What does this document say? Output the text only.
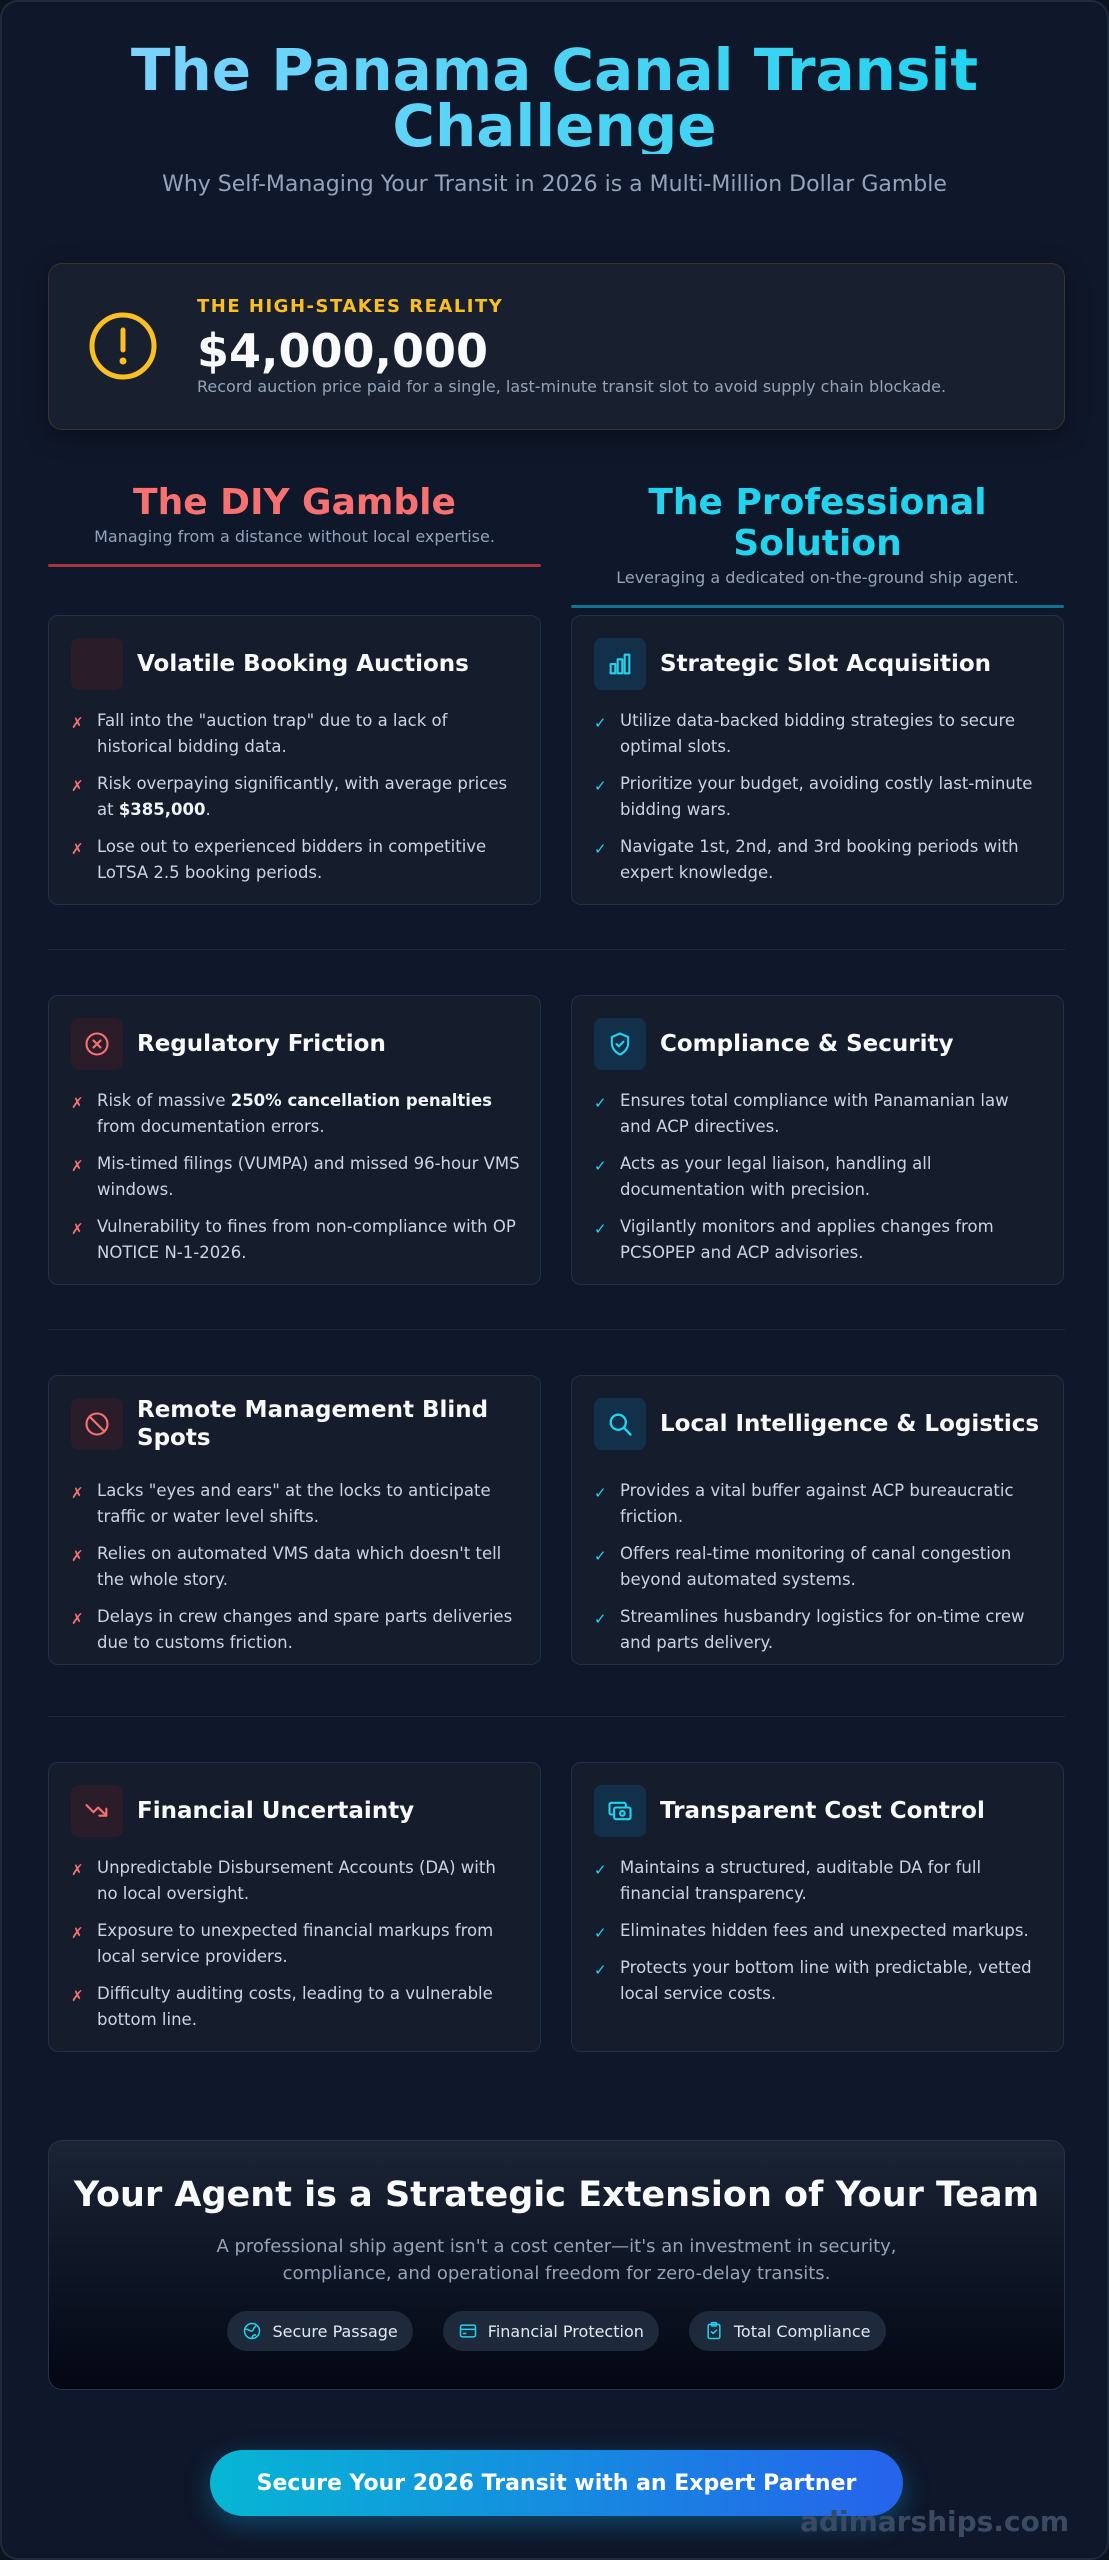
The Panama Canal Transit Challenge
Why Self-Managing Your Transit in 2026 is a Multi-Million Dollar Gamble
THE HIGH-STAKES REALITY
$4,000,000
Record auction price paid for a single, last-minute transit slot to avoid supply chain blockade.
The DIY Gamble
Managing from a distance without local expertise.
The Professional Solution
Leveraging a dedicated on-the-ground ship agent.
Volatile Booking Auctions
✗ Fall into the "auction trap" due to a lack of historical bidding data.
✗ Risk overpaying significantly, with average prices at $385,000.
✗ Lose out to experienced bidders in competitive LoTSA 2.5 booking periods.
Strategic Slot Acquisition
✓ Utilize data-backed bidding strategies to secure optimal slots.
✓ Prioritize your budget, avoiding costly last-minute bidding wars.
✓ Navigate 1st, 2nd, and 3rd booking periods with expert knowledge.
Regulatory Friction
✗ Risk of massive 250% cancellation penalties from documentation errors.
✗ Mis-timed filings (VUMPA) and missed 96-hour VMS windows.
✗ Vulnerability to fines from non-compliance with OP NOTICE N-1-2026.
Compliance & Security
✓ Ensures total compliance with Panamanian law and ACP directives.
✓ Acts as your legal liaison, handling all documentation with precision.
✓ Vigilantly monitors and applies changes from PCSOPEP and ACP advisories.
Remote Management Blind Spots
✗ Lacks "eyes and ears" at the locks to anticipate traffic or water level shifts.
✗ Relies on automated VMS data which doesn't tell the whole story.
✗ Delays in crew changes and spare parts deliveries due to customs friction.
Local Intelligence & Logistics
✓ Provides a vital buffer against ACP bureaucratic friction.
✓ Offers real-time monitoring of canal congestion beyond automated systems.
✓ Streamlines husbandry logistics for on-time crew and parts delivery.
Financial Uncertainty
✗ Unpredictable Disbursement Accounts (DA) with no local oversight.
✗ Exposure to unexpected financial markups from local service providers.
✗ Difficulty auditing costs, leading to a vulnerable bottom line.
Transparent Cost Control
✓ Maintains a structured, auditable DA for full financial transparency.
✓ Eliminates hidden fees and unexpected markups.
✓ Protects your bottom line with predictable, vetted local service costs.
Your Agent is a Strategic Extension of Your Team
A professional ship agent isn't a cost center—it's an investment in security, compliance, and operational freedom for zero-delay transits.
Secure Passage	Financial Protection	Total Compliance
Secure Your 2026 Transit with an Expert Partner
adimarships.com
